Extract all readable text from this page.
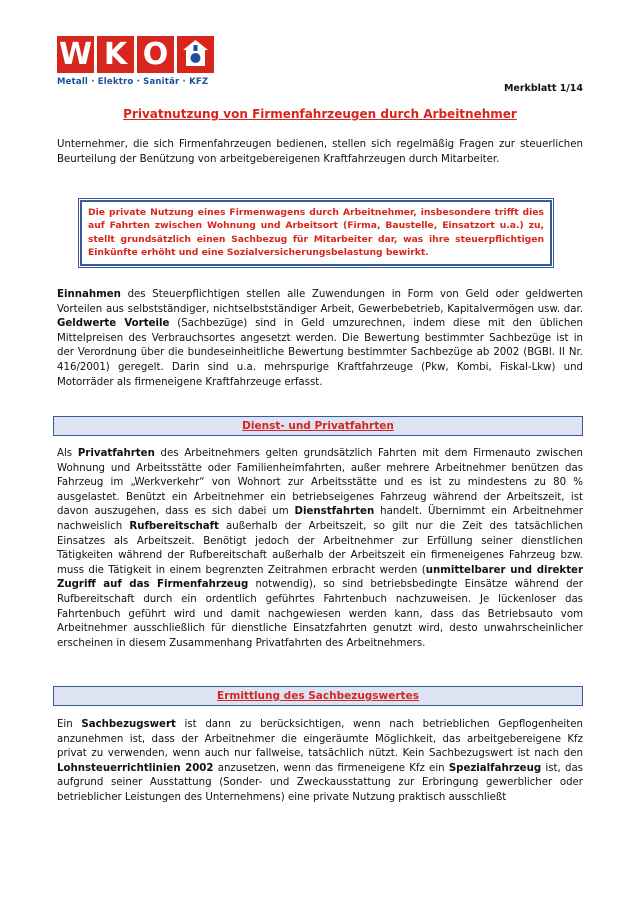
W K O
Metall · Elektro · Sanitär · KFZ
Merkblatt 1/14
Privatnutzung von Firmenfahrzeugen durch Arbeitnehmer
Unternehmer, die sich Firmenfahrzeugen bedienen, stellen sich regelmäßig Fragen zur steuerlichen Beurteilung der Benützung von arbeitgebereigenen Kraftfahrzeugen durch Mitarbeiter.
Die private Nutzung eines Firmenwagens durch Arbeitnehmer, insbesondere trifft dies auf Fahrten zwischen Wohnung und Arbeitsort (Firma, Baustelle, Einsatzort u.a.) zu, stellt grundsätzlich einen Sachbezug für Mitarbeiter dar, was ihre steuerpflichtigen Einkünfte erhöht und eine Sozialversicherungsbelastung bewirkt.
Einnahmen des Steuerpflichtigen stellen alle Zuwendungen in Form von Geld oder geldwerten Vorteilen aus selbstständiger, nichtselbstständiger Arbeit, Gewerbebetrieb, Kapitalvermögen usw. dar. Geldwerte Vorteile (Sachbezüge) sind in Geld umzurechnen, indem diese mit den üblichen Mittelpreisen des Verbrauchsortes angesetzt werden. Die Bewertung bestimmter Sachbezüge ist in der Verordnung über die bundeseinheitliche Bewertung bestimmter Sachbezüge ab 2002 (BGBl. II Nr. 416/2001) geregelt. Darin sind u.a. mehrspurige Kraftfahrzeuge (Pkw, Kombi, Fiskal-Lkw) und Motorräder als firmeneigene Kraftfahrzeuge erfasst.
Dienst- und Privatfahrten
Als Privatfahrten des Arbeitnehmers gelten grundsätzlich Fahrten mit dem Firmenauto zwischen Wohnung und Arbeitsstätte oder Familienheimfahrten, außer mehrere Arbeitnehmer benützen das Fahrzeug im „Werkverkehr“ von Wohnort zur Arbeitsstätte und es ist zu mindestens zu 80 % ausgelastet. Benützt ein Arbeitnehmer ein betriebseigenes Fahrzeug während der Arbeitszeit, ist davon auszugehen, dass es sich dabei um Dienstfahrten handelt. Übernimmt ein Arbeitnehmer nachweislich Rufbereitschaft außerhalb der Arbeitszeit, so gilt nur die Zeit des tatsächlichen Einsatzes als Arbeitszeit. Benötigt jedoch der Arbeitnehmer zur Erfüllung seiner dienstlichen Tätigkeiten während der Rufbereitschaft außerhalb der Arbeitszeit ein firmeneigenes Fahrzeug bzw. muss die Tätigkeit in einem begrenzten Zeitrahmen erbracht werden (unmittelbarer und direkter Zugriff auf das Firmenfahrzeug notwendig), so sind betriebsbedingte Einsätze während der Rufbereitschaft durch ein ordentlich geführtes Fahrtenbuch nachzuweisen. Je lückenloser das Fahrtenbuch geführt wird und damit nachgewiesen werden kann, dass das Betriebsauto vom Arbeitnehmer ausschließlich für dienstliche Einsatzfahrten genutzt wird, desto unwahrscheinlicher erscheinen in diesem Zusammenhang Privatfahrten des Arbeitnehmers.
Ermittlung des Sachbezugswertes
Ein Sachbezugswert ist dann zu berücksichtigen, wenn nach betrieblichen Gepflogenheiten anzunehmen ist, dass der Arbeitnehmer die eingeräumte Möglichkeit, das arbeitgebereigene Kfz privat zu verwenden, wenn auch nur fallweise, tatsächlich nützt. Kein Sachbezugswert ist nach den Lohnsteuerrichtlinien 2002 anzusetzen, wenn das firmeneigene Kfz ein Spezialfahrzeug ist, das aufgrund seiner Ausstattung (Sonder- und Zweckausstattung zur Erbringung gewerblicher oder betrieblicher Leistungen des Unternehmens) eine private Nutzung praktisch ausschließt
